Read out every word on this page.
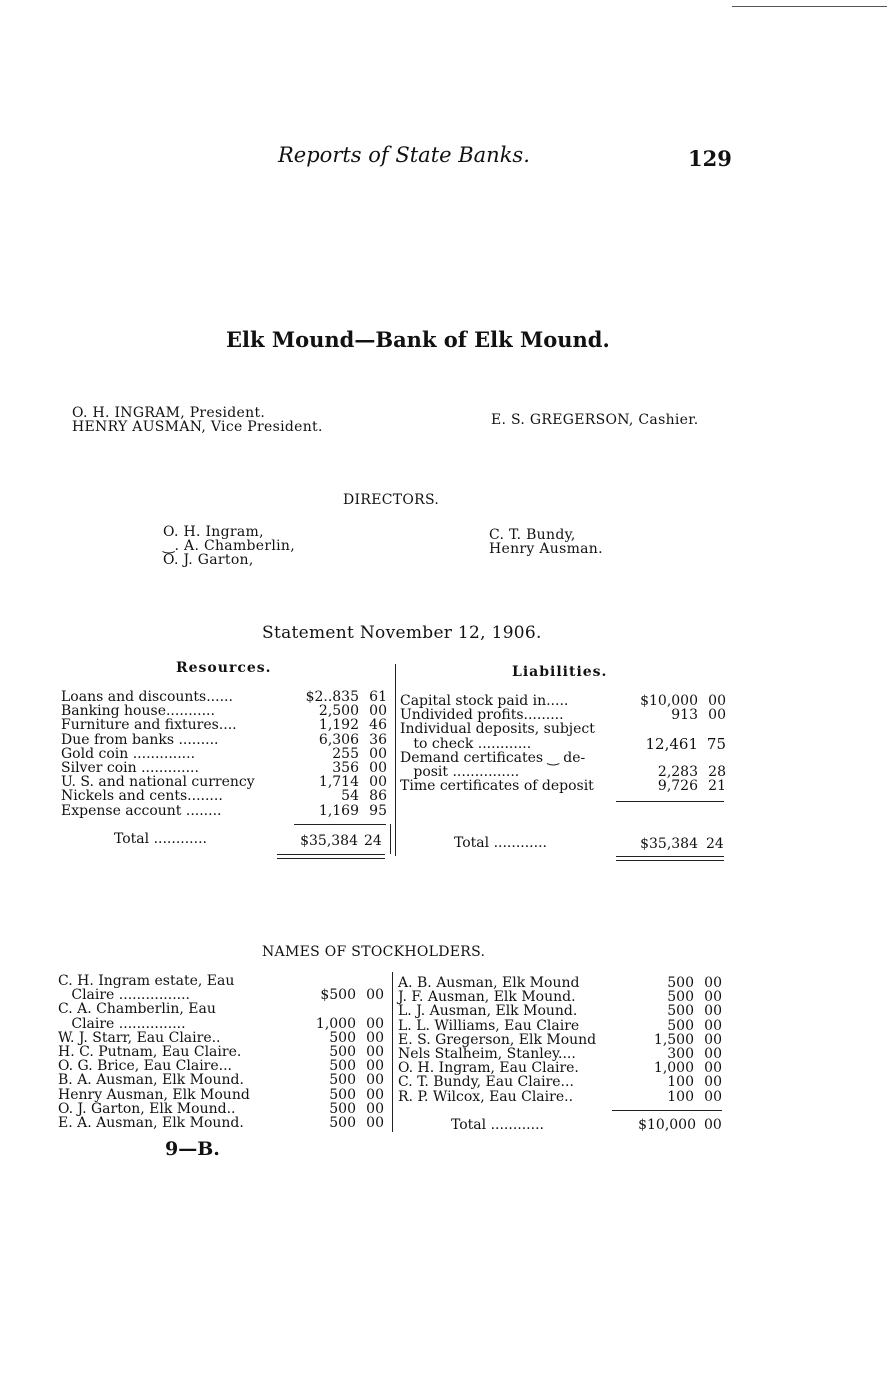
Reports of State Banks.	129
Elk Mound—Bank of Elk Mound.
O. H. INGRAM, President.
HENRY AUSMAN, Vice President.	E. S. GREGERSON, Cashier.
DIRECTORS.
O. H. Ingram,
‿. A. Chamberlin,
O. J. Garton,
C. T. Bundy,
Henry Ausman.
Statement November 12, 1906.
Resources.
Loans and discounts......	$2..835 61
Banking house...........	2,500 00
Furniture and fixtures....	1,192 46
Due from banks .........	6,306 36
Gold coin ..............	255 00
Silver coin .............	356 00
U. S. and national currency	1,714 00
Nickels and cents........	54 86
Expense account ........	1,169 95
Total ............	$35,384 24
Liabilities.
Capital stock paid in.....	$10,000 00
Undivided profits.........	913 00
Individual deposits, subject
to check ............	12,461 75
Demand certificates ‿ de-
posit ...............	2,283 28
Time certificates of deposit	9,726 21
Total ............	$35,384 24
NAMES OF STOCKHOLDERS.
C. H. Ingram estate, Eau
Claire ................	$500 00
C. A. Chamberlin, Eau
Claire ...............	1,000 00
W. J. Starr, Eau Claire..	500 00
H. C. Putnam, Eau Claire.	500 00
O. G. Brice, Eau Claire...	500 00
B. A. Ausman, Elk Mound.	500 00
Henry Ausman, Elk Mound	500 00
O. J. Garton, Elk Mound..	500 00
E. A. Ausman, Elk Mound.	500 00
A. B. Ausman, Elk Mound	500 00
J. F. Ausman, Elk Mound.	500 00
L. J. Ausman, Elk Mound.	500 00
L. L. Williams, Eau Claire	500 00
E. S. Gregerson, Elk Mound	1,500 00
Nels Stalheim, Stanley....	300 00
O. H. Ingram, Eau Claire.	1,000 00
C. T. Bundy, Eau Claire...	100 00
R. P. Wilcox, Eau Claire..	100 00
Total ............	$10,000 00
9—B.
